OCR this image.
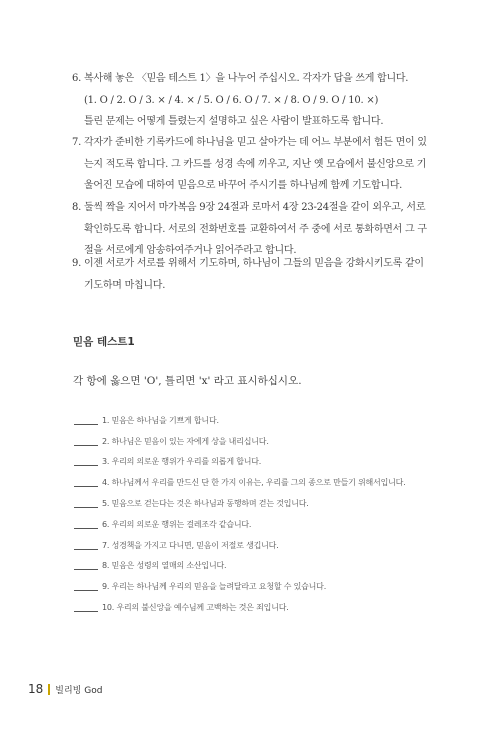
6. 복사해 놓은 〈믿음 테스트 1〉을 나누어 주십시오. 각자가 답을 쓰게 합니다.
(1. O / 2. O / 3. × / 4. × / 5. O / 6. O / 7. × / 8. O / 9. O / 10. ×)
틀린 문제는 어떻게 틀렸는지 설명하고 싶은 사람이 발표하도록 합니다.
7. 각자가 준비한 기록카드에 하나님을 믿고 살아가는 데 어느 부분에서 험든 면이 있
는지 적도록 합니다. 그 카드를 성경 속에 끼우고, 지난 옛 모습에서 불신앙으로 기
울어진 모습에 대하여 믿음으로 바꾸어 주시기를 하나님께 함께 기도합니다.
8. 둘씩 짝을 지어서 마가복음 9장 24절과 로마서 4장 23-24절을 같이 외우고, 서로
확인하도록 합니다. 서로의 전화번호를 교환하여서 주 중에 서로 통화하면서 그 구
절을 서로에게 암송하여주거나 읽어주라고 합니다.
9. 이젠 서로가 서로를 위해서 기도하며, 하나님이 그들의 믿음을 강화시키도록 같이
기도하며 마칩니다.
믿음 테스트1
각 항에 옳으면 'O', 틀리면 'x' 라고 표시하십시오.
1. 믿음은 하나님을 기쁘게 합니다.
2. 하나님은 믿음이 있는 자에게 상을 내리십니다.
3. 우리의 의로운 행위가 우리를 의롭게 합니다.
4. 하나님께서 우리를 만드신 단 한 가지 이유는, 우리를 그의 종으로 만들기 위해서입니다.
5. 믿음으로 걷는다는 것은 하나님과 동행하며 걷는 것입니다.
6. 우리의 의로운 행위는 걸레조각 같습니다.
7. 성경책을 가지고 다니면, 믿음이 저절로 생깁니다.
8. 믿음은 성령의 열매의 소산입니다.
9. 우리는 하나님께 우리의 믿음을 늘려달라고 요청할 수 있습니다.
10. 우리의 불신앙을 예수님께 고백하는 것은 죄입니다.
18 빌리빙 God
